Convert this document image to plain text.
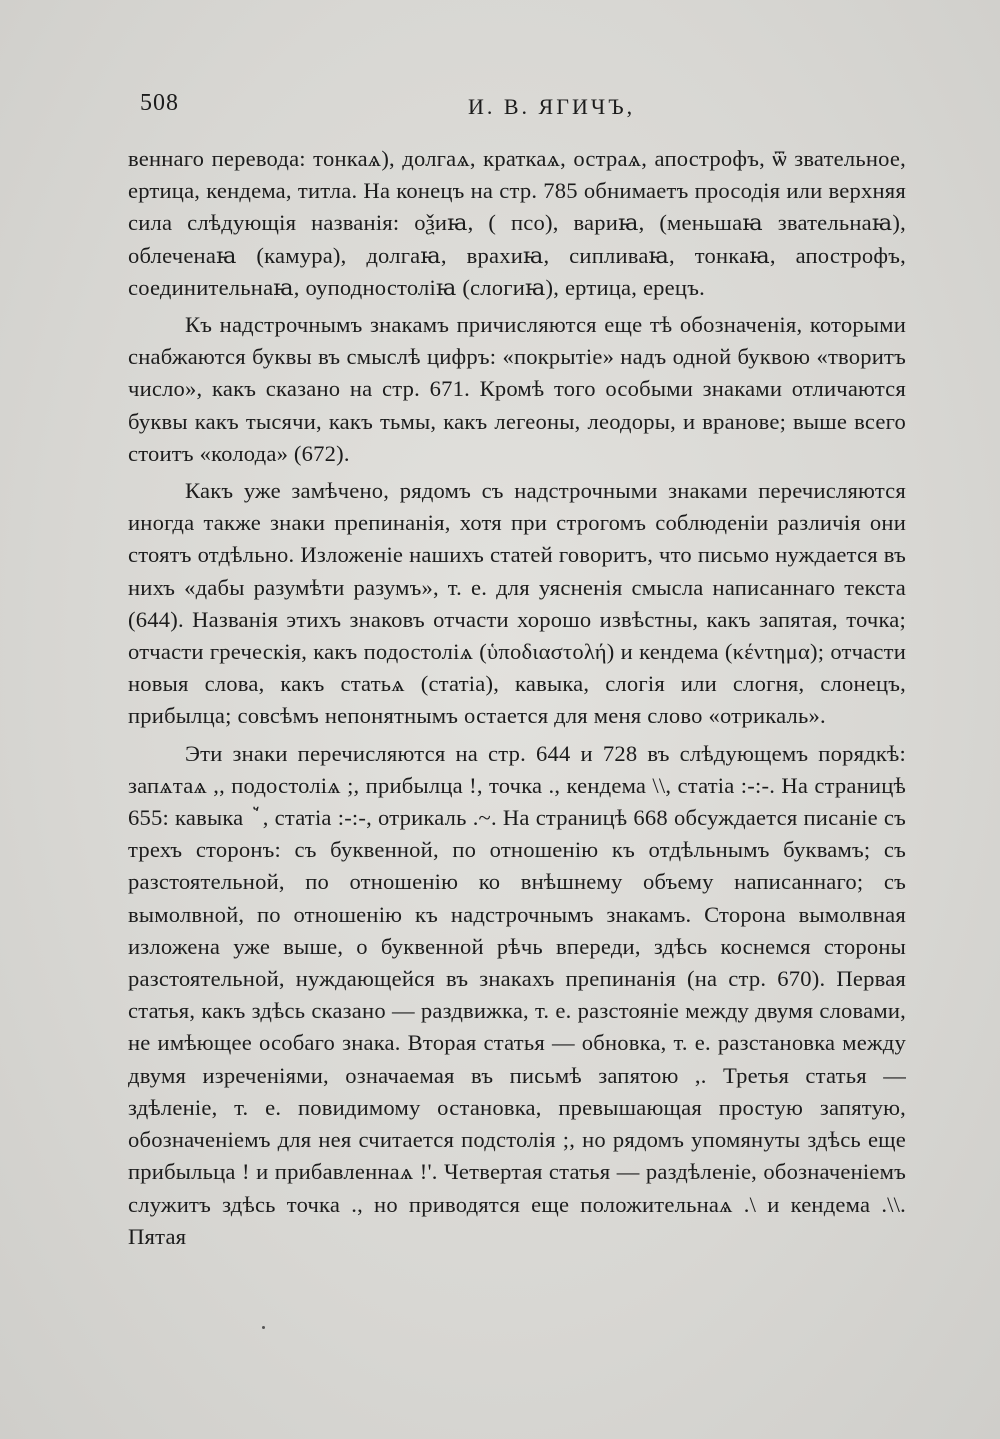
508	И. В. ЯГИЧЪ,

веннаго перевода: тонкаѧ), долгаѧ, краткаѧ, остраѧ, апострофъ, ѿ звательное, ертица, кендема, титла. На конецъ на стр. 785 обнимаетъ просодія или верхняя сила слѣдующія названія: оѯиꙗ, ( псо), вариꙗ, (меньшаꙗ звательнаꙗ), облеченаꙗ (камура), долгаꙗ, врахиꙗ, сипливаꙗ, тонкаꙗ, апострофъ, соединительнаꙗ, оуподностоліꙗ (слогиꙗ), ертица, ерецъ.

Къ надстрочнымъ знакамъ причисляются еще тѣ обозначенія, которыми снабжаются буквы въ смыслѣ цифръ: «покрытіе» надъ одной буквою «творитъ число», какъ сказано на стр. 671. Кромѣ того особыми знаками отличаются буквы какъ тысячи, какъ тьмы, какъ легеоны, леодоры, и вранове; выше всего стоитъ «колода» (672).

Какъ уже замѣчено, рядомъ съ надстрочными знаками перечисляются иногда также знаки препинанія, хотя при строгомъ соблюденіи различія они стоятъ отдѣльно. Изложеніе нашихъ статей говоритъ, что письмо нуждается въ нихъ «дабы разумѣти разумъ», т. е. для уясненія смысла написаннаго текста (644). Названія этихъ знаковъ отчасти хорошо извѣстны, какъ запятая, точка; отчасти греческія, какъ подостоліѧ (ὑποδιαστολή) и кендема (κέντημα); отчасти новыя слова, какъ статьѧ (статіа), кавыка, слогія или слогня, слонецъ, прибылца; совсѣмъ непонятнымъ остается для меня слово «отрикаль».

Эти знаки перечисляются на стр. 644 и 728 въ слѣдующемъ порядкѣ: запѧтаѧ ,, подостоліѧ ;, прибылца !, точка ., кендема \\, статіа :-:-. На страницѣ 655: кавыка ꙿ, статіа :-:-, отрикаль .~. На страницѣ 668 обсуждается писаніе съ трехъ сторонъ: съ буквенной, по отношенію къ отдѣльнымъ буквамъ; съ разстоятельной, по отношенію ко внѣшнему объему написаннаго; съ вымолвной, по отношенію къ надстрочнымъ знакамъ. Сторона вымолвная изложена уже выше, о буквенной рѣчь впереди, здѣсь коснемся стороны разстоятельной, нуждающейся въ знакахъ препинанія (на стр. 670). Первая статья, какъ здѣсь сказано — раздвижка, т. е. разстояніе между двумя словами, не имѣющее особаго знака. Вторая статья — обновка, т. е. разстановка между двумя изреченіями, означаемая въ письмѣ запятою ,. Третья статья — здѣленіе, т. е. повидимому остановка, превышающая простую запятую, обозначеніемъ для нея считается подстолія ;, но рядомъ упомянуты здѣсь еще прибыльца ! и прибавленнаѧ !'. Четвертая статья — раздѣленіе, обозначеніемъ служитъ здѣсь точка ., но приводятся еще положительнаѧ .\ и кендема .\\. Пятая
